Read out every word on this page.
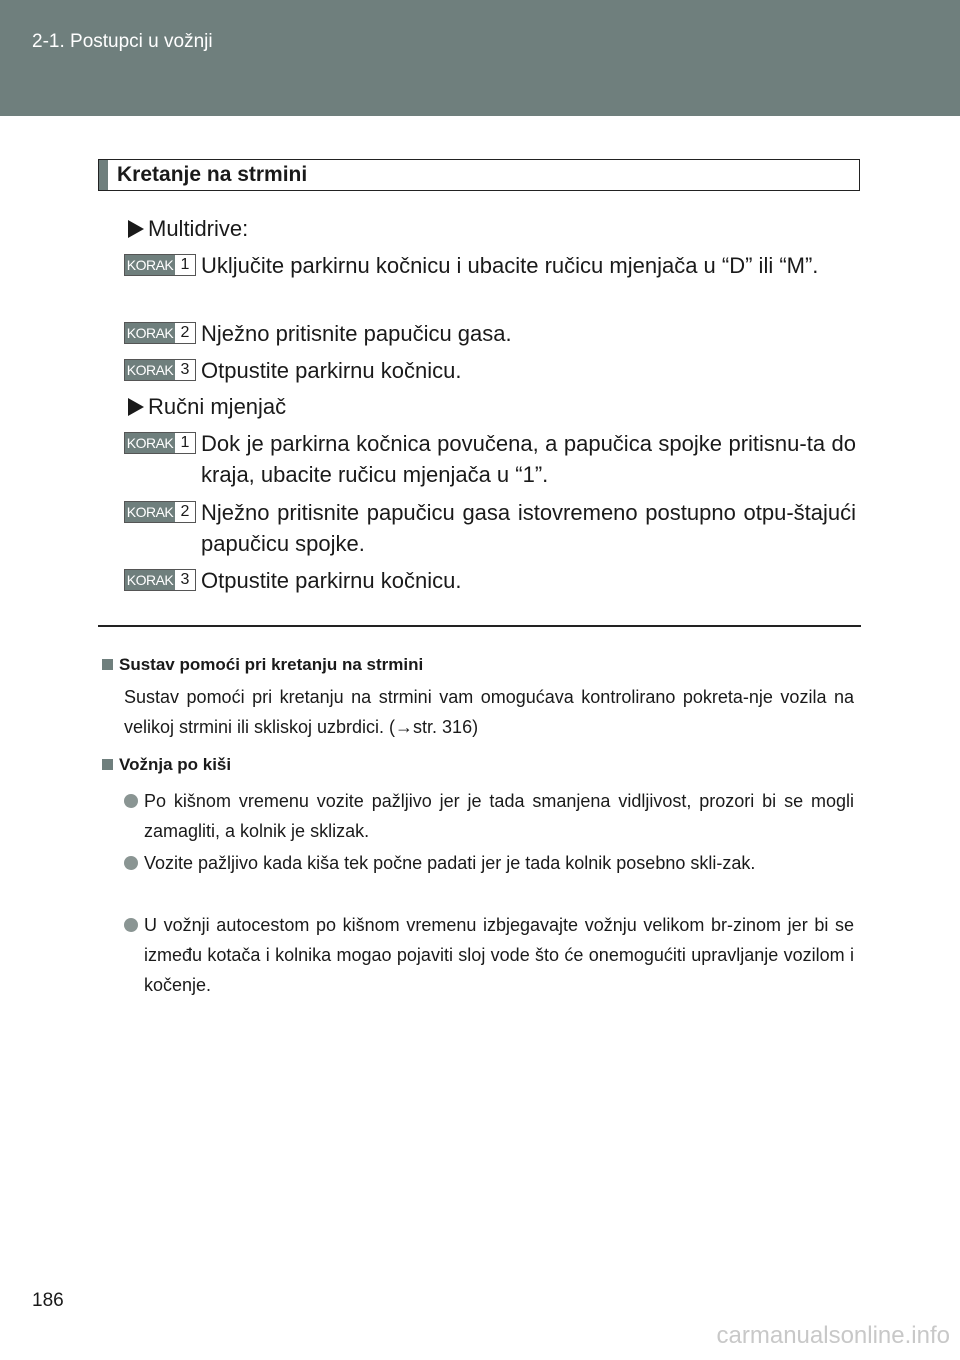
2-1. Postupci u vožnji
Kretanje na strmini
Multidrive:
KORAK 1 Uključite parkirnu kočnicu i ubacite ručicu mjenjača u “D” ili “M”.
KORAK 2 Nježno pritisnite papučicu gasa.
KORAK 3 Otpustite parkirnu kočnicu.
Ručni mjenjač
KORAK 1 Dok je parkirna kočnica povučena, a papučica spojke pritisnu-ta do kraja, ubacite ručicu mjenjača u “1”.
KORAK 2 Nježno pritisnite papučicu gasa istovremeno postupno otpu-štajući papučicu spojke.
KORAK 3 Otpustite parkirnu kočnicu.
Sustav pomoći pri kretanju na strmini
Sustav pomoći pri kretanju na strmini vam omogućava kontrolirano pokreta-nje vozila na velikoj strmini ili skliskoj uzbrdici. (→str. 316)
Vožnja po kiši
Po kišnom vremenu vozite pažljivo jer je tada smanjena vidljivost, prozori bi se mogli zamagliti, a kolnik je sklizak.
Vozite pažljivo kada kiša tek počne padati jer je tada kolnik posebno skli-zak.
U vožnji autocestom po kišnom vremenu izbjegavajte vožnju velikom br-zinom jer bi se između kotača i kolnika mogao pojaviti sloj vode što će onemogućiti upravljanje vozilom i kočenje.
186
carmanualsonline.info
